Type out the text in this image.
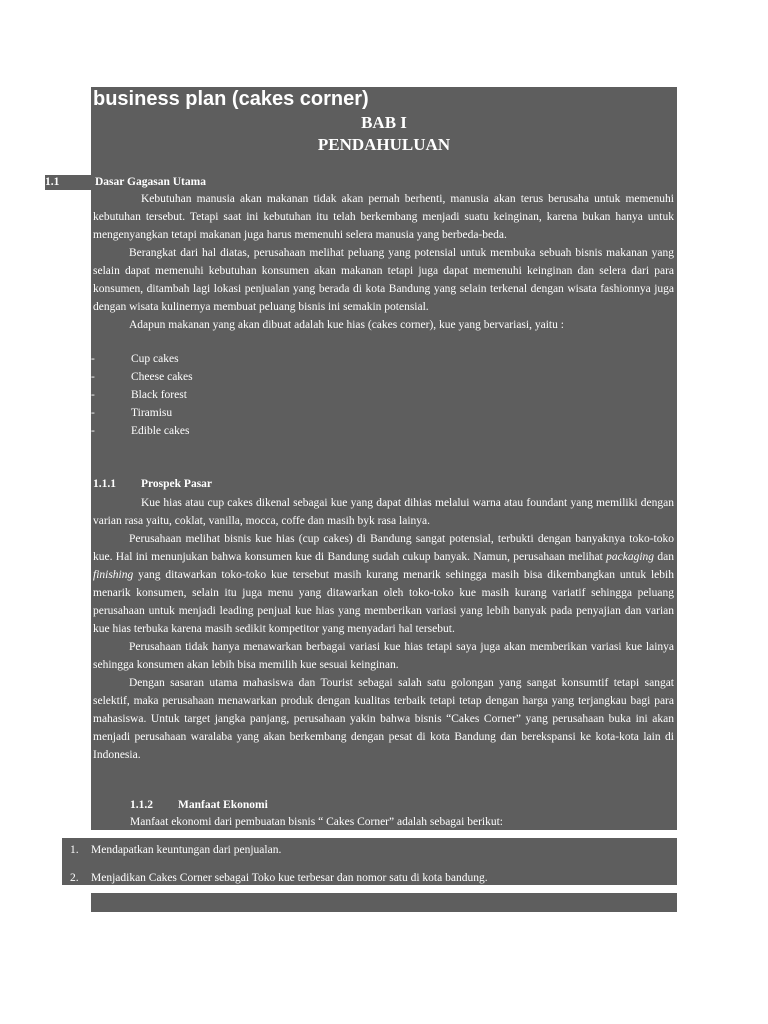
business plan (cakes corner)
BAB I
PENDAHULUAN
1.1	Dasar Gagasan Utama

Kebutuhan manusia akan makanan tidak akan pernah berhenti, manusia akan terus berusaha untuk memenuhi kebutuhan tersebut. Tetapi saat ini kebutuhan itu telah berkembang menjadi suatu keinginan, karena bukan hanya untuk mengenyangkan tetapi makanan juga harus memenuhi selera manusia yang berbeda-beda.

Berangkat dari hal diatas, perusahaan melihat peluang yang potensial untuk membuka sebuah bisnis makanan yang selain dapat memenuhi kebutuhan konsumen akan makanan tetapi juga dapat memenuhi keinginan dan selera dari para konsumen, ditambah lagi lokasi penjualan yang berada di kota Bandung yang selain terkenal dengan wisata fashionnya juga dengan wisata kulinernya membuat peluang bisnis ini semakin potensial.

Adapun makanan yang akan dibuat adalah kue hias (cakes corner), kue yang bervariasi, yaitu :

-	Cup cakes
-	Cheese cakes
-	Black forest
-	Tiramisu
-	Edible cakes
1.1.1 Prospek Pasar

Kue hias atau cup cakes dikenal sebagai kue yang dapat dihias melalui warna atau foundant yang memiliki dengan varian rasa yaitu, coklat, vanilla, mocca, coffe dan masih byk rasa lainya.

Perusahaan melihat bisnis kue hias (cup cakes) di Bandung sangat potensial, terbukti dengan banyaknya toko-toko kue. Hal ini menunjukan bahwa konsumen kue di Bandung sudah cukup banyak. Namun, perusahaan melihat packaging dan finishing yang ditawarkan toko-toko kue tersebut masih kurang menarik sehingga masih bisa dikembangkan untuk lebih menarik konsumen, selain itu juga menu yang ditawarkan oleh toko-toko kue masih kurang variatif sehingga peluang perusahaan untuk menjadi leading penjual kue hias yang memberikan variasi yang lebih banyak pada penyajian dan varian kue hias terbuka karena masih sedikit kompetitor yang menyadari hal tersebut.

Perusahaan tidak hanya menawarkan berbagai variasi kue hias tetapi saya juga akan memberikan variasi kue lainya sehingga konsumen akan lebih bisa memilih kue sesuai keinginan.

Dengan sasaran utama mahasiswa dan Tourist sebagai salah satu golongan yang sangat konsumtif tetapi sangat selektif, maka perusahaan menawarkan produk dengan kualitas terbaik tetapi tetap dengan harga yang terjangkau bagi para mahasiswa. Untuk target jangka panjang, perusahaan yakin bahwa bisnis “Cakes Corner” yang perusahaan buka ini akan menjadi perusahaan waralaba yang akan berkembang dengan pesat di kota Bandung dan berekspansi ke kota-kota lain di Indonesia.

1.1.2 Manfaat Ekonomi
Manfaat ekonomi dari pembuatan bisnis “ Cakes Corner” adalah sebagai berikut:
1. Mendapatkan keuntungan dari penjualan.
2. Menjadikan Cakes Corner sebagai Toko kue terbesar dan nomor satu di kota bandung.
